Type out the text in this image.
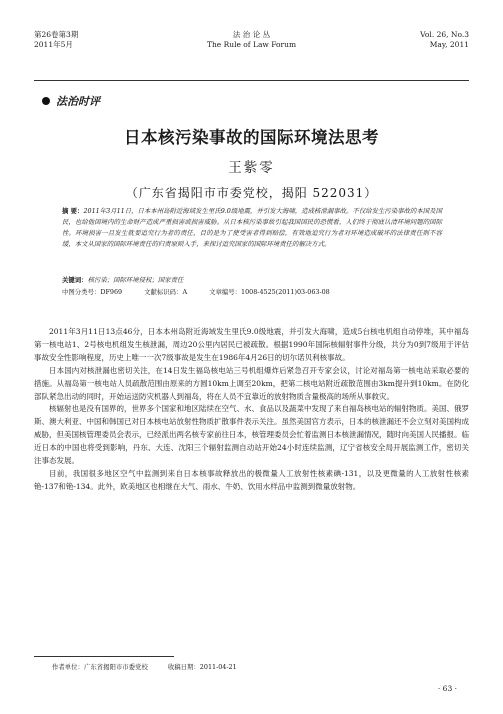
第26卷第3期
2011年5月
法 治 论 丛
The Rule of Law Forum
Vol. 26, No.3
May, 2011
法治时评
日本核污染事故的国际环境法思考
王紫零
（广东省揭阳市市委党校，揭阳 522031）
摘 要：2011年3月11日，日本本州岛附近海域发生里氏9.0级地震，并引发大海啸，造成核泄漏事故。不仅给发生污染事故的本国及国民，也给他国境内的生命财产造成严重损害或损害威胁。从日本核污染事故引起我国国民的恐慌看，人们终于彻底认清环境问题的国际性。环境损害一旦发生就要追究行为者的责任，目的是为了使受害者得到赔偿，有效地追究行为者对环境造成破坏的法律责任则不容缓，本文从国家的国际环境责任的归责原则入手，来探讨追究国家的国际环境责任的解决方式。
关键词：核污染；国际环境侵权；国家责任
中图分类号：DF969	文献标识码：A	文章编号：1008-4525(2011)03-063-08

2011年3月11日13点46分，日本本州岛附近海域发生里氏9.0级地震，并引发大海啸，造成5台核电机组自动停堆，其中福岛第一核电站1、2号核电机组发生核泄漏，周边20公里内居民已被疏散。根据1990年国际核辐射事件分级，共分为0到7级用于评估事故安全性影响程度，历史上唯一一次7级事故是发生在1986年4月26日的切尔诺贝利核事故。

日本国内对核泄漏也密切关注，在14日发生福岛核电站三号机组爆炸后紧急召开专家会议，讨论对福岛第一核电站采取必要的措施。从福岛第一核电站人员疏散范围由原来的方圆10km上调至20km，把第二核电站附近疏散范围由3km提升到10km。在防化部队紧急出动的同时，开始运送防灾机器人到福岛，将在人员不宜靠近的放射物质含量极高的场所从事救灾。

核辐射也是没有国界的，世界多个国家和地区陆续在空气、水、食品以及蔬菜中发现了来自福岛核电站的辐射物质。美国、俄罗斯、澳大利亚、中国和韩国已对日本核电站放射性物质扩散事件表示关注。虽然美国官方表示，日本的核泄漏还不会立刻对美国构成威胁，但美国核管理委员会表示，已经派出两名核专家前往日本，核管理委员会忙着监测日本核泄漏情况，随时向美国人民播报。临近日本的中国也将受到影响，丹东、大连、沈阳三个辐射监测自动站开始24小时连续监测，辽宁省核安全局开展监测工作，密切关注事态发展。

目前，我国很多地区空气中监测到来自日本核事故释放出的极微量人工放射性核素碘-131，以及更微量的人工放射性核素铯-137和铯-134。此外，欧美地区也相继在大气、雨水、牛奶、饮用水样品中监测到微量放射物。

作者单位：广东省揭阳市市委党校	收稿日期：2011-04-21
· 63 ·
